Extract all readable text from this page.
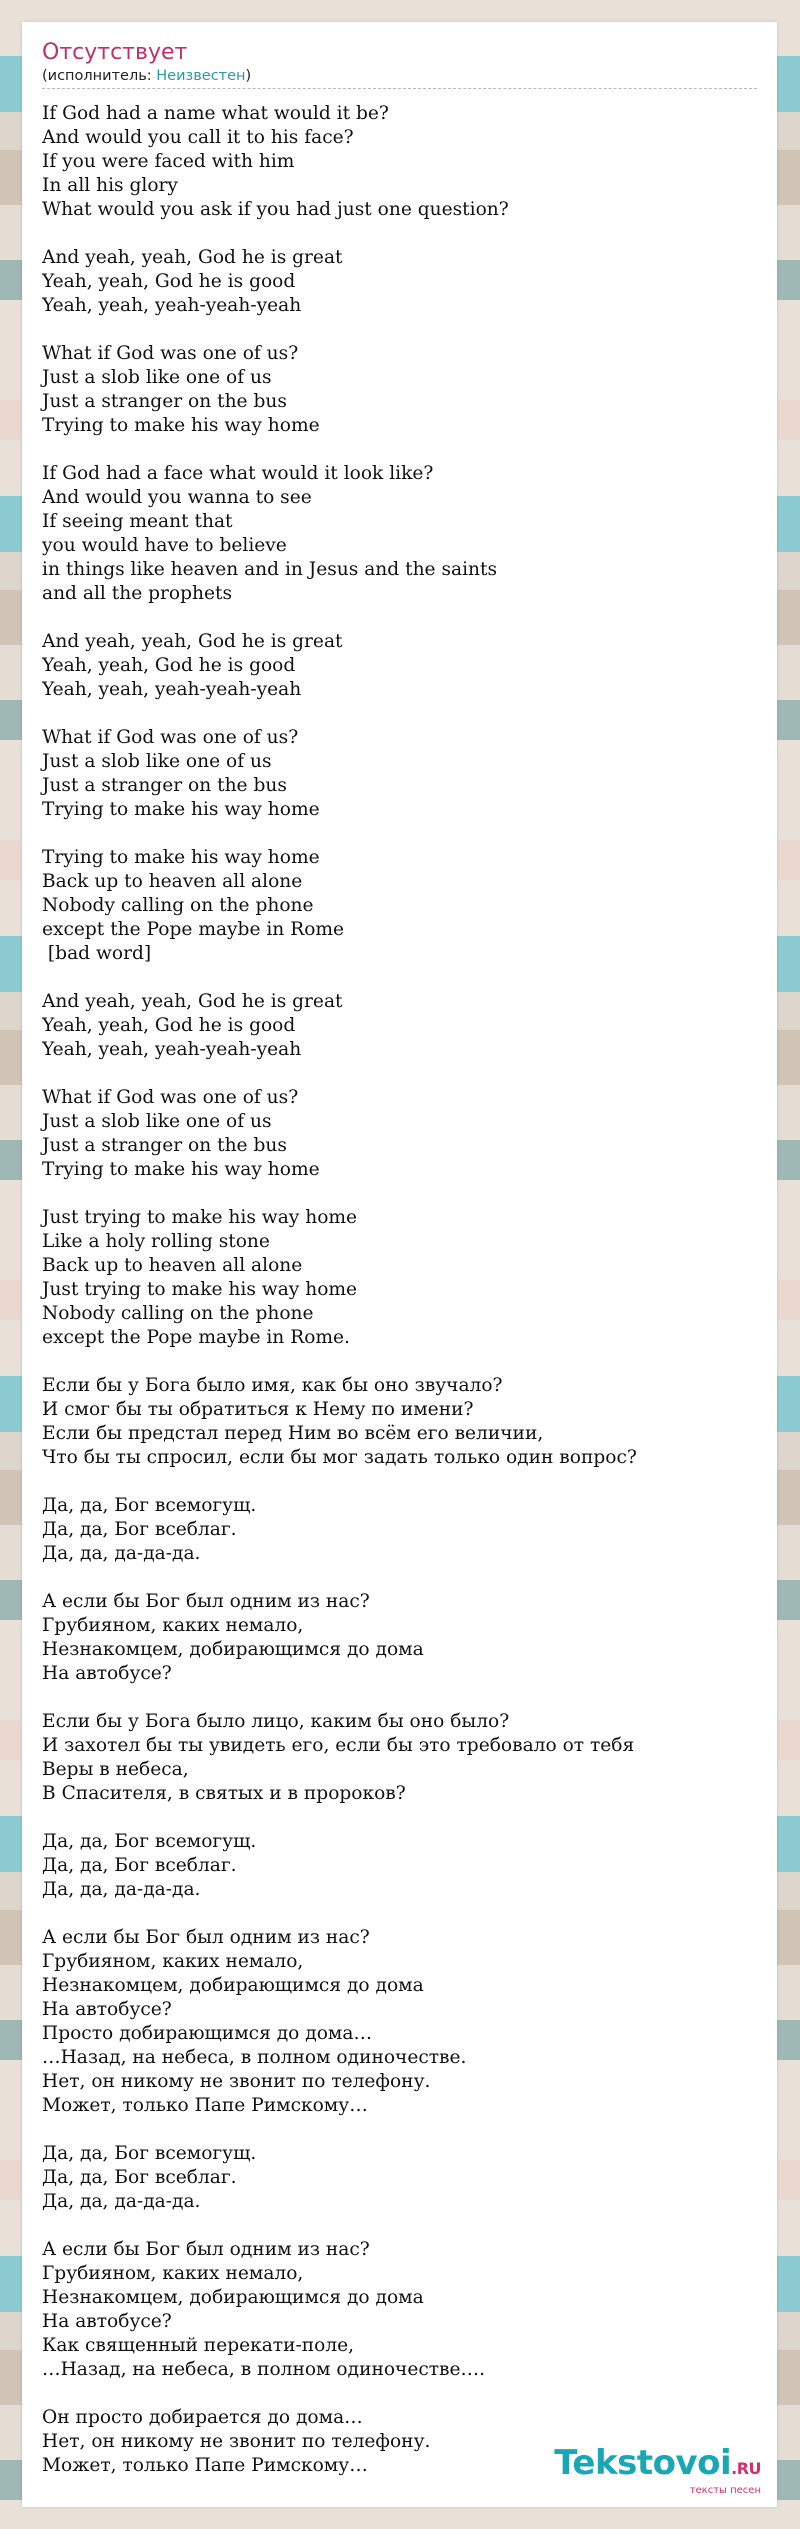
Отсутствует
(исполнитель: Неизвестен)
If God had a name what would it be?
And would you call it to his face?
If you were faced with him
In all his glory
What would you ask if you had just one question?
And yeah, yeah, God he is great
Yeah, yeah, God he is good
Yeah, yeah, yeah-yeah-yeah
What if God was one of us?
Just a slob like one of us
Just a stranger on the bus
Trying to make his way home
If God had a face what would it look like?
And would you wanna to see
If seeing meant that
you would have to believe
in things like heaven and in Jesus and the saints
and all the prophets
And yeah, yeah, God he is great
Yeah, yeah, God he is good
Yeah, yeah, yeah-yeah-yeah
What if God was one of us?
Just a slob like one of us
Just a stranger on the bus
Trying to make his way home
Trying to make his way home
Back up to heaven all alone
Nobody calling on the phone
except the Pope maybe in Rome
[bad word]
And yeah, yeah, God he is great
Yeah, yeah, God he is good
Yeah, yeah, yeah-yeah-yeah
What if God was one of us?
Just a slob like one of us
Just a stranger on the bus
Trying to make his way home
Just trying to make his way home
Like a holy rolling stone
Back up to heaven all alone
Just trying to make his way home
Nobody calling on the phone
except the Pope maybe in Rome.
Если бы у Бога было имя, как бы оно звучало?
И смог бы ты обратиться к Нему по имени?
Если бы предстал перед Ним во всём его величии,
Что бы ты спросил, если бы мог задать только один вопрос?
Да, да, Бог всемогущ.
Да, да, Бог всеблаг.
Да, да, да-да-да.
А если бы Бог был одним из нас?
Грубияном, каких немало,
Незнакомцем, добирающимся до дома
На автобусе?
Если бы у Бога было лицо, каким бы оно было?
И захотел бы ты увидеть его, если бы это требовало от тебя
Веры в небеса,
В Спасителя, в святых и в пророков?
Да, да, Бог всемогущ.
Да, да, Бог всеблаг.
Да, да, да-да-да.
А если бы Бог был одним из нас?
Грубияном, каких немало,
Незнакомцем, добирающимся до дома
На автобусе?
Просто добирающимся до дома…
…Назад, на небеса, в полном одиночестве.
Нет, он никому не звонит по телефону.
Может, только Папе Римскому…
Да, да, Бог всемогущ.
Да, да, Бог всеблаг.
Да, да, да-да-да.
А если бы Бог был одним из нас?
Грубияном, каких немало,
Незнакомцем, добирающимся до дома
На автобусе?
Как священный перекати-поле,
…Назад, на небеса, в полном одиночестве….
Он просто добирается до дома…
Нет, он никому не звонит по телефону.
Может, только Папе Римскому…	Tekstovoi.RU
тексты песен
